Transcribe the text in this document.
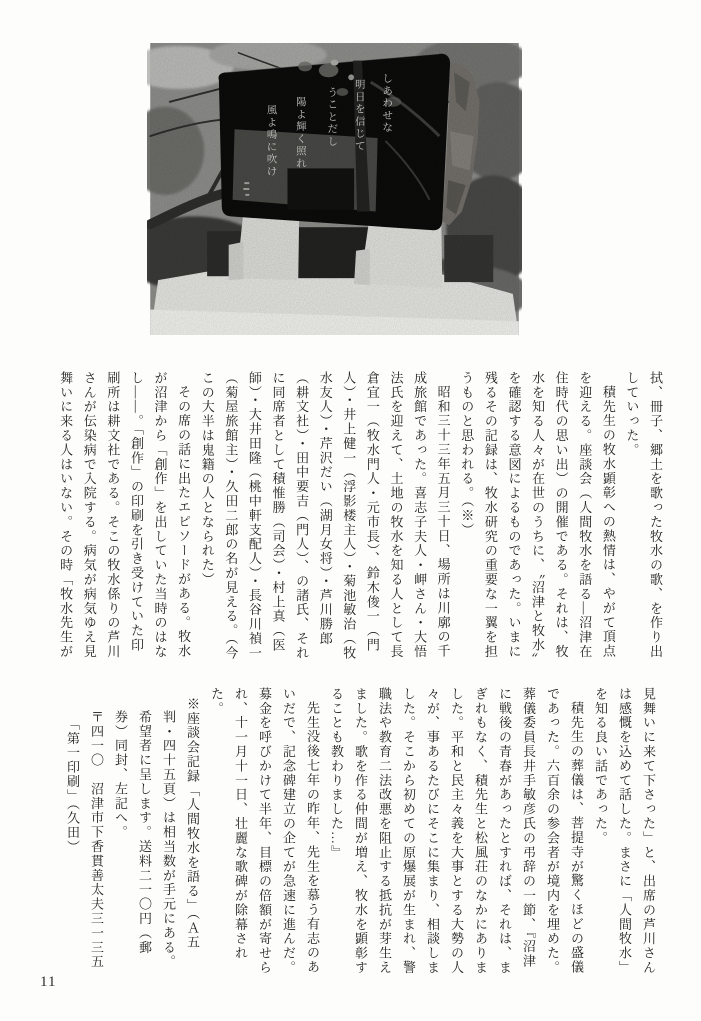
しあわせな
明日を信じて
うことだし
陽よ輝く照れ
風よ鳴に吹け
拭、冊子、郷土を歌った牧水の歌、を作り出
していった。
積先生の牧水顕彰への熱情は、やがて頂点
を迎える。座談会（人間牧水を語る―沼津在
住時代の思い出）の開催である。それは、牧
水を知る人々が在世のうちに、〝沼津と牧水〟
を確認する意図によるものであった。いまに
残るその記録は、牧水研究の重要な一翼を担
うものと思われる。（※）
昭和三十三年五月三十日、場所は川廓の千
成旅館であった。喜志子夫人・岬さん・大悟
法氏を迎えて、土地の牧水を知る人として長
倉宜一（牧水門人・元市長）、鈴木俊一（門
人）・井上健一（浮影楼主人）・菊池敏治（牧
水友人）・芹沢だい（湖月女将）・芦川勝郎
（耕文社）・田中要吉（門人）、の諸氏、それ
に同席者として積惟勝（司会）・村上真（医
師）・大井田隆（桃中軒支配人）・長谷川禎一
（菊屋旅館主）・久田二郎の名が見える。（今
この大半は鬼籍の人となられた）
その席の話に出たエピソードがある。牧水
が沼津から「創作」を出していた当時のはな
し――。「創作」の印刷を引き受けていた印
刷所は耕文社である。そこの牧水係りの芦川
さんが伝染病で入院する。病気が病気ゆえ見
舞いに来る人はいない。その時「牧水先生が
見舞いに来て下さった」と、出席の芦川さん
は感慨を込めて話した。まさに「人間牧水」
を知る良い話であった。
積先生の葬儀は、菩提寺が驚くほどの盛儀
であった。六百余の参会者が境内を埋めた。
葬儀委員長井手敏彦氏の弔辞の一節、『沼津
に戦後の青春があったとすれば、それは、ま
ぎれもなく、積先生と松風荘のなかにありま
した。平和と民主々義を大事とする大勢の人
々が、事あるたびにそこに集まり、相談しま
した。そこから初めての原爆展が生まれ、警
職法や教育二法改悪を阻止する抵抗が芽生え
ました。歌を作る仲間が増え、牧水を顕彰す
ることも教わりました…』
先生没後七年の昨年、先生を慕う有志のあ
いだで、記念碑建立の企てが急速に進んだ。
募金を呼びかけて半年、目標の倍額が寄せら
れ、十一月十一日、壮麗な歌碑が除幕され
た。
※座談会記録「人間牧水を語る」（Ａ五
判・四十五頁）は相当数が手元にある。
希望者に呈します。送料二一〇円（郵
券）同封、左記へ。
〒四一〇　沼津市下香貫善太夫三一三五
「第一印刷」（久田）
11
